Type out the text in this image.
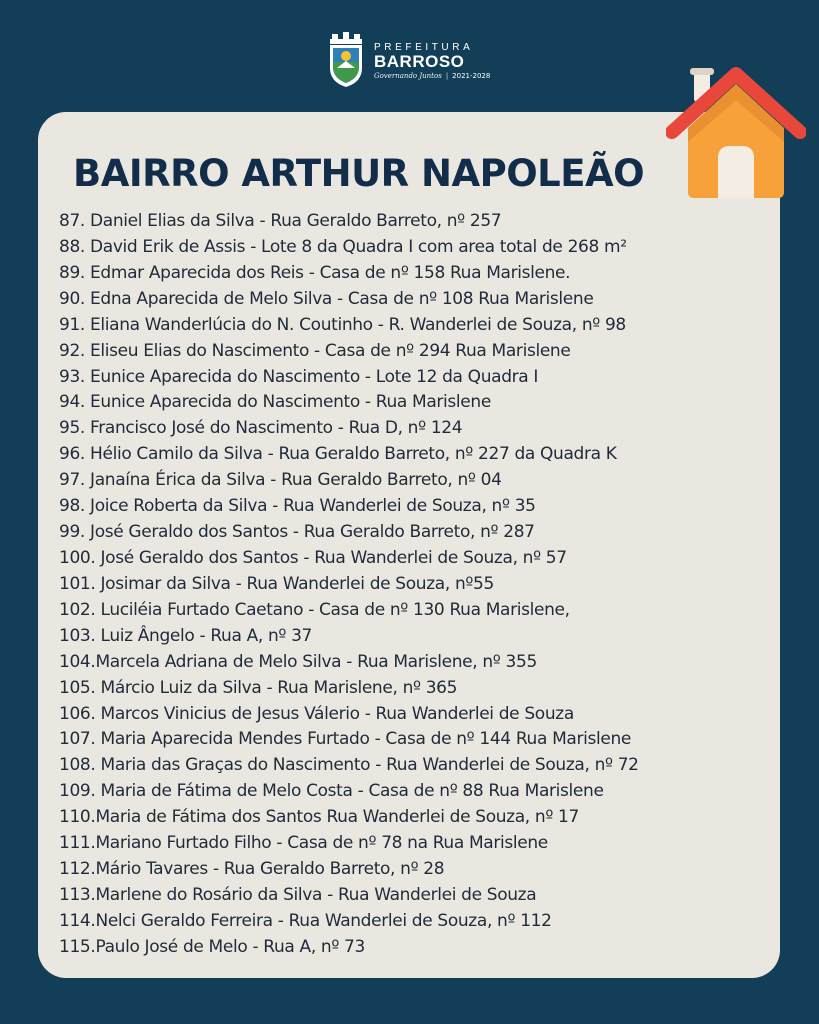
PREFEITURA
BARROSO
Governando Juntos | 2021-2028
BAIRRO ARTHUR NAPOLEÃO
87. Daniel Elias da Silva - Rua Geraldo Barreto, nº 257
88. David Erik de Assis - Lote 8 da Quadra I com area total de 268 m²
89. Edmar Aparecida dos Reis - Casa de nº 158 Rua Marislene.
90. Edna Aparecida de Melo Silva - Casa de nº 108 Rua Marislene
91. Eliana Wanderlúcia do N. Coutinho - R. Wanderlei de Souza, nº 98
92. Eliseu Elias do Nascimento - Casa de nº 294 Rua Marislene
93. Eunice Aparecida do Nascimento - Lote 12 da Quadra I
94. Eunice Aparecida do Nascimento - Rua Marislene
95. Francisco José do Nascimento - Rua D, nº 124
96. Hélio Camilo da Silva - Rua Geraldo Barreto, nº 227 da Quadra K
97. Janaína Érica da Silva - Rua Geraldo Barreto, nº 04
98. Joice Roberta da Silva - Rua Wanderlei de Souza, nº 35
99. José Geraldo dos Santos - Rua Geraldo Barreto, nº 287
100. José Geraldo dos Santos - Rua Wanderlei de Souza, nº 57
101. Josimar da Silva - Rua Wanderlei de Souza, nº55
102. Luciléia Furtado Caetano - Casa de nº 130 Rua Marislene,
103. Luiz Ângelo - Rua A, nº 37
104.Marcela Adriana de Melo Silva - Rua Marislene, nº 355
105. Márcio Luiz da Silva - Rua Marislene, nº 365
106. Marcos Vinicius de Jesus Válerio - Rua Wanderlei de Souza
107. Maria Aparecida Mendes Furtado - Casa de nº 144 Rua Marislene
108. Maria das Graças do Nascimento - Rua Wanderlei de Souza, nº 72
109. Maria de Fátima de Melo Costa - Casa de nº 88 Rua Marislene
110.Maria de Fátima dos Santos Rua Wanderlei de Souza, nº 17
111.Mariano Furtado Filho - Casa de nº 78 na Rua Marislene
112.Mário Tavares - Rua Geraldo Barreto, nº 28
113.Marlene do Rosário da Silva - Rua Wanderlei de Souza
114.Nelci Geraldo Ferreira - Rua Wanderlei de Souza, nº 112
115.Paulo José de Melo - Rua A, nº 73
